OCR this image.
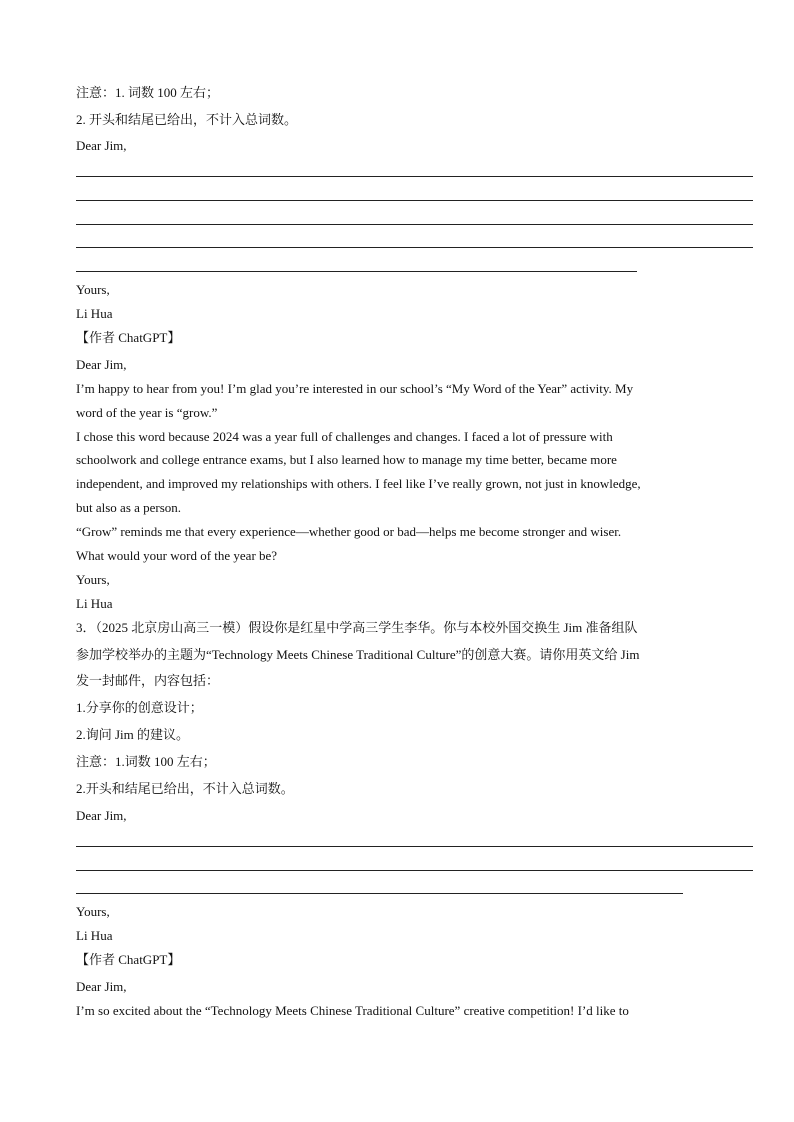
注意：1. 词数 100 左右；
2. 开头和结尾已给出，不计入总词数。
Dear Jim,
Yours,
Li Hua
【作者 ChatGPT】
Dear Jim,
I’m happy to hear from you! I’m glad you’re interested in our school’s “My Word of the Year” activity. My
word of the year is “grow.”
I chose this word because 2024 was a year full of challenges and changes. I faced a lot of pressure with
schoolwork and college entrance exams, but I also learned how to manage my time better, became more
independent, and improved my relationships with others. I feel like I’ve really grown, not just in knowledge,
but also as a person.
“Grow” reminds me that every experience—whether good or bad—helps me become stronger and wiser.
What would your word of the year be?
Yours,
Li Hua
3．（2025 北京房山高三一模）假设你是红星中学高三学生李华。你与本校外国交换生 Jim 准备组队
参加学校举办的主题为“Technology Meets Chinese Traditional Culture”的创意大赛。请你用英文给 Jim
发一封邮件，内容包括：
1.分享你的创意设计；
2.询问 Jim 的建议。
注意：1.词数 100 左右；
2.开头和结尾已给出，不计入总词数。
Dear Jim,
Yours,
Li Hua
【作者 ChatGPT】
Dear Jim,
I’m so excited about the “Technology Meets Chinese Traditional Culture” creative competition! I’d like to
